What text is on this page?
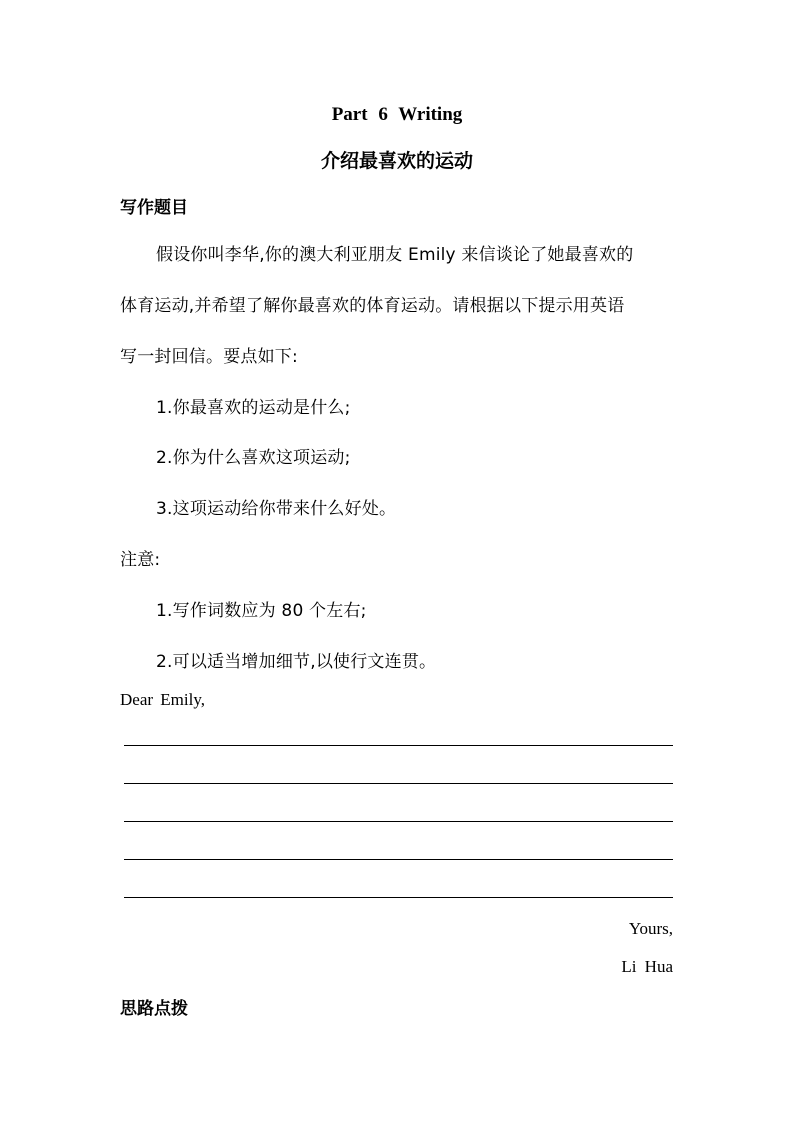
Part 6 Writing
介绍最喜欢的运动
写作题目
假设你叫李华,你的澳大利亚朋友 Emily 来信谈论了她最喜欢的
体育运动,并希望了解你最喜欢的体育运动。请根据以下提示用英语
写一封回信。要点如下:
1.你最喜欢的运动是什么;
2.你为什么喜欢这项运动;
3.这项运动给你带来什么好处。
注意:
1.写作词数应为 80 个左右;
2.可以适当增加细节,以使行文连贯。
Dear Emily,
Yours,
Li Hua
思路点拨
